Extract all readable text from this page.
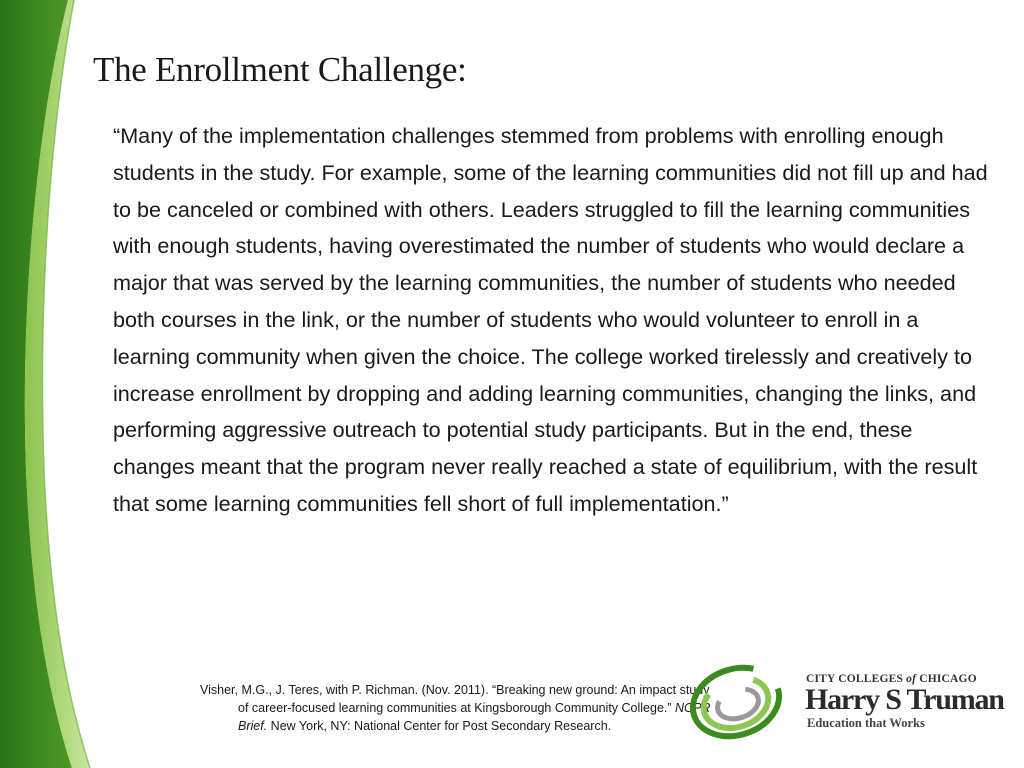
The Enrollment Challenge:

“Many of the implementation challenges stemmed from problems with enrolling enough students in the study. For example, some of the learning communities did not fill up and had to be canceled or combined with others. Leaders struggled to fill the learning communities with enough students, having overestimated the number of students who would declare a major that was served by the learning communities, the number of students who needed both courses in the link, or the number of students who would volunteer to enroll in a learning community when given the choice. The college worked tirelessly and creatively to increase enrollment by dropping and adding learning communities, changing the links, and performing aggressive outreach to potential study participants. But in the end, these changes meant that the program never really reached a state of equilibrium, with the result that some learning communities fell short of full implementation.”

Visher, M.G., J. Teres, with P. Richman. (Nov. 2011). “Breaking new ground: An impact study of career-focused learning communities at Kingsborough Community College.” NCPR Brief. New York, NY: National Center for Post Secondary Research.

CITY COLLEGES of CHICAGO
Harry S Truman
Education that Works
